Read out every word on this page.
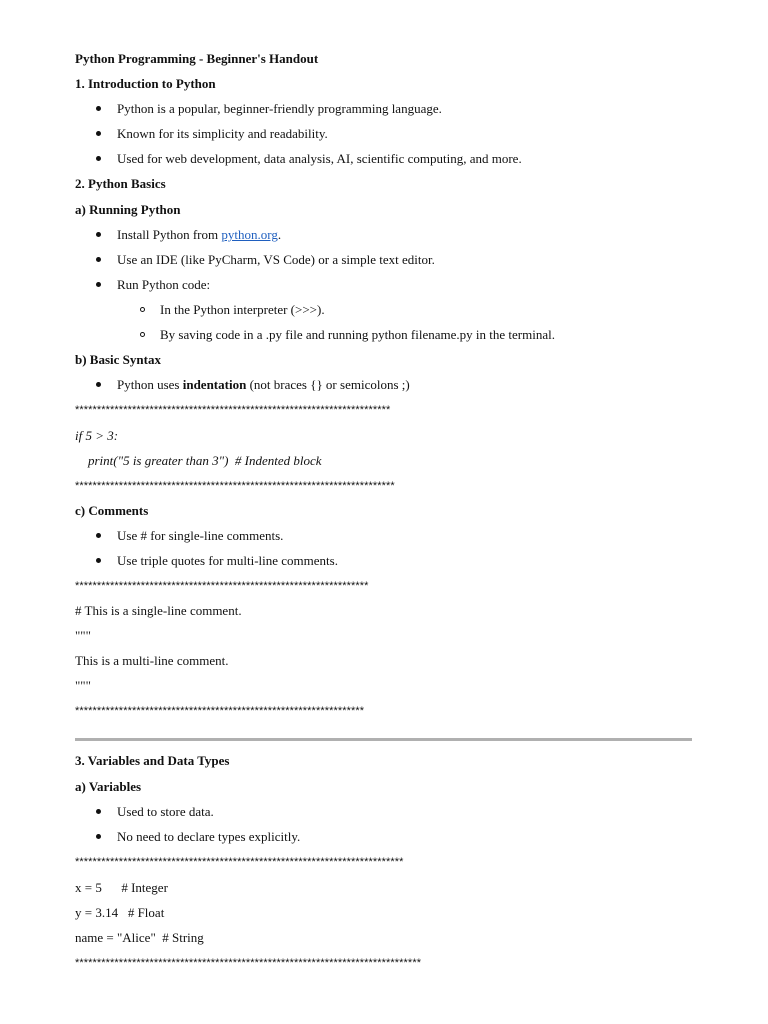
Python Programming - Beginner's Handout
1. Introduction to Python
Python is a popular, beginner-friendly programming language.
Known for its simplicity and readability.
Used for web development, data analysis, AI, scientific computing, and more.
2. Python Basics
a) Running Python
Install Python from python.org.
Use an IDE (like PyCharm, VS Code) or a simple text editor.
Run Python code:
In the Python interpreter (>>>).
By saving code in a .py file and running python filename.py in the terminal.
b) Basic Syntax
Python uses indentation (not braces {} or semicolons ;)
************************************************************************
if 5 > 3:
print("5 is greater than 3")  # Indented block
*************************************************************************
c) Comments
Use # for single-line comments.
Use triple quotes for multi-line comments.
*******************************************************************
# This is a single-line comment.
"""
This is a multi-line comment.
"""
******************************************************************
3. Variables and Data Types
a) Variables
Used to store data.
No need to declare types explicitly.
***************************************************************************
x = 5      # Integer
y = 3.14   # Float
name = "Alice"  # String
*******************************************************************************
